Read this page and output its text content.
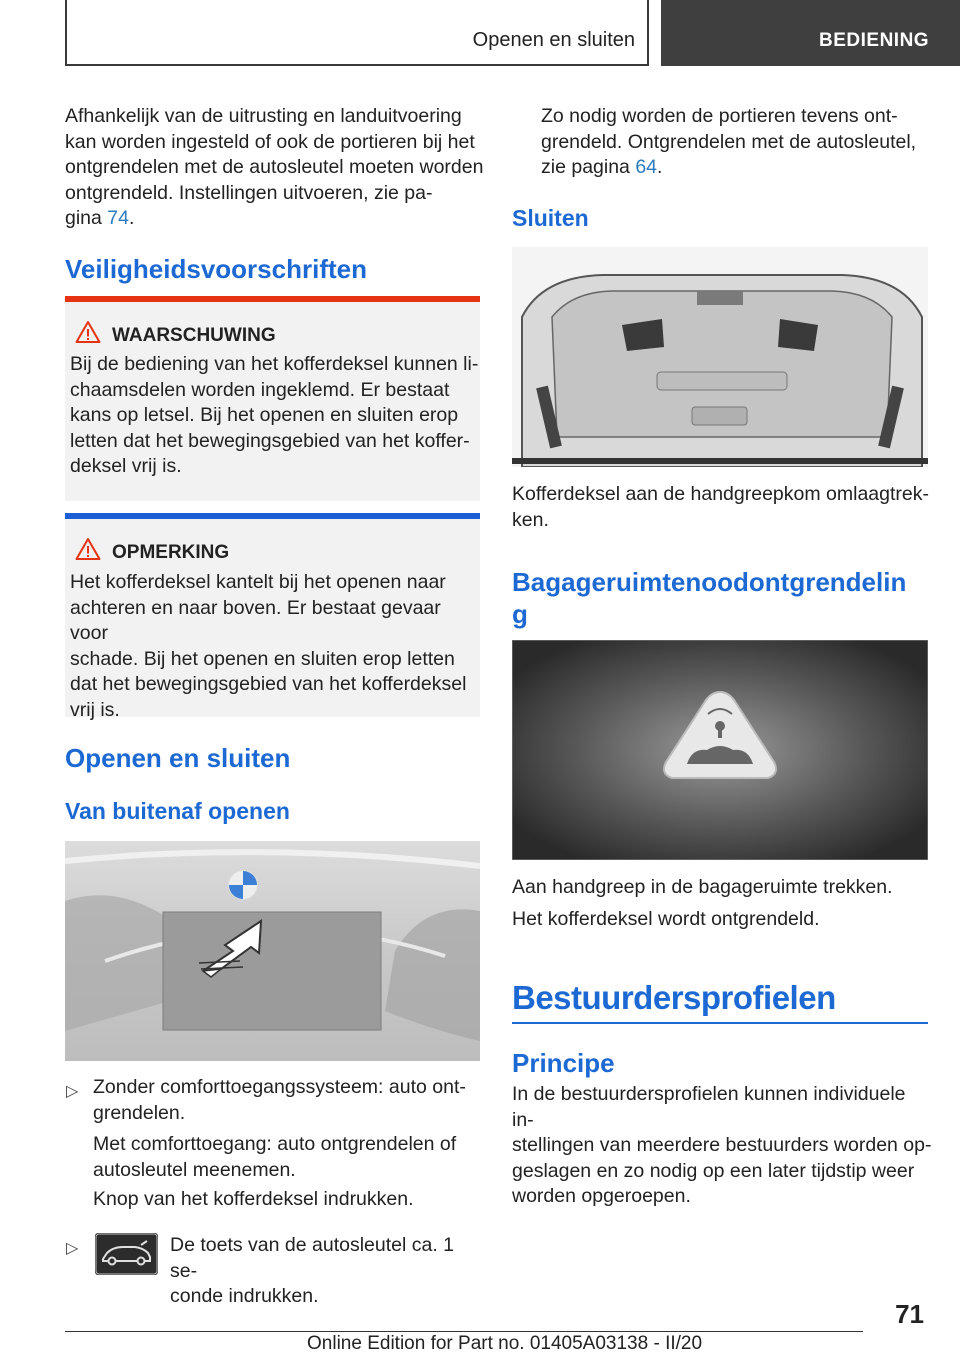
Openen en sluiten	BEDIENING
Afhankelijk van de uitrusting en landuitvoering
kan worden ingesteld of ook de portieren bij het
ontgrendelen met de autosleutel moeten worden
ontgrendeld. Instellingen uitvoeren, zie pa‐
gina 74.
Veiligheidsvoorschriften
WAARSCHUWING
Bij de bediening van het kofferdeksel kunnen li‐
chaamsdelen worden ingeklemd. Er bestaat
kans op letsel. Bij het openen en sluiten erop
letten dat het bewegingsgebied van het koffer‐
deksel vrij is.
OPMERKING
Het kofferdeksel kantelt bij het openen naar
achteren en naar boven. Er bestaat gevaar voor
schade. Bij het openen en sluiten erop letten
dat het bewegingsgebied van het kofferdeksel
vrij is.
Openen en sluiten
Van buitenaf openen
▷ Zonder comforttoegangssysteem: auto ont‐
grendelen.
Met comforttoegang: auto ontgrendelen of
autosleutel meenemen.
Knop van het kofferdeksel indrukken.
▷	De toets van de autosleutel ca. 1 se‐
conde indrukken.
Zo nodig worden de portieren tevens ont‐
grendeld. Ontgrendelen met de autosleutel,
zie pagina 64.
Sluiten
Kofferdeksel aan de handgreepkom omlaagtrek‐
ken.
Bagageruimtenoodontgrendelin
g
Aan handgreep in de bagageruimte trekken.
Het kofferdeksel wordt ontgrendeld.
Bestuurdersprofielen
Principe
In de bestuurdersprofielen kunnen individuele in‐
stellingen van meerdere bestuurders worden op‐
geslagen en zo nodig op een later tijdstip weer
worden opgeroepen.
71
Online Edition for Part no. 01405A03138 - II/20
